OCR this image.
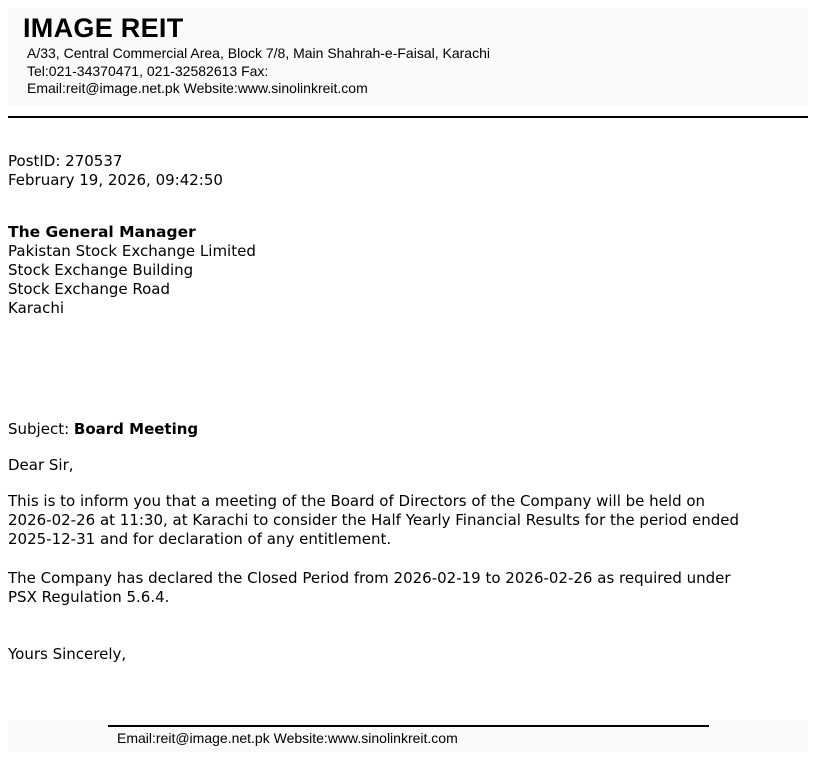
IMAGE REIT
A/33, Central Commercial Area, Block 7/8, Main Shahrah-e-Faisal, Karachi
Tel:021-34370471, 021-32582613 Fax:
Email:reit@image.net.pk Website:www.sinolinkreit.com
PostID: 270537
February 19, 2026, 09:42:50
The General Manager
Pakistan Stock Exchange Limited
Stock Exchange Building
Stock Exchange Road
Karachi
Subject: Board Meeting
Dear Sir,
This is to inform you that a meeting of the Board of Directors of the Company will be held on
2026-02-26 at 11:30, at Karachi to consider the Half Yearly Financial Results for the period ended
2025-12-31 and for declaration of any entitlement.
The Company has declared the Closed Period from 2026-02-19 to 2026-02-26 as required under
PSX Regulation 5.6.4.
Yours Sincerely,
Email:reit@image.net.pk Website:www.sinolinkreit.com
